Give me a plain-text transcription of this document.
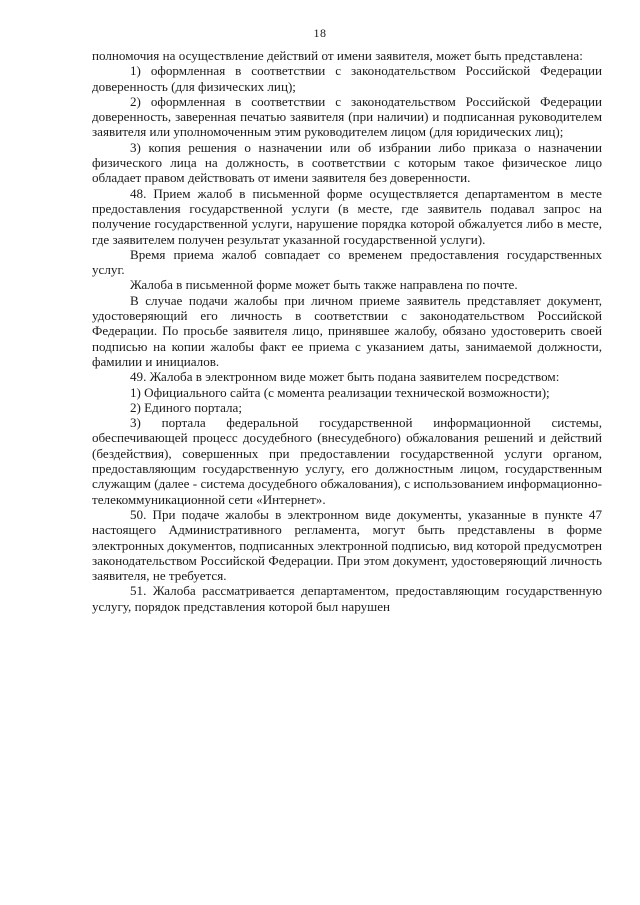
18

полномочия на осуществление действий от имени заявителя, может быть представлена:

1) оформленная в соответствии с законодательством Российской Федерации доверенность (для физических лиц);

2) оформленная в соответствии с законодательством Российской Федерации доверенность, заверенная печатью заявителя (при наличии) и подписанная руководителем заявителя или уполномоченным этим руководителем лицом (для юридических лиц);

3) копия решения о назначении или об избрании либо приказа о назначении физического лица на должность, в соответствии с которым такое физическое лицо обладает правом действовать от имени заявителя без доверенности.

48. Прием жалоб в письменной форме осуществляется департаментом в месте предоставления государственной услуги (в месте, где заявитель подавал запрос на получение государственной услуги, нарушение порядка которой обжалуется либо в месте, где заявителем получен результат указанной государственной услуги).

Время приема жалоб совпадает со временем предоставления государственных услуг.

Жалоба в письменной форме может быть также направлена по почте.

В случае подачи жалобы при личном приеме заявитель представляет документ, удостоверяющий его личность в соответствии с законодательством Российской Федерации. По просьбе заявителя лицо, принявшее жалобу, обязано удостоверить своей подписью на копии жалобы факт ее приема с указанием даты, занимаемой должности, фамилии и инициалов.

49. Жалоба в электронном виде может быть подана заявителем посредством:

1) Официального сайта (с момента реализации технической возможности);

2) Единого портала;

3) портала федеральной государственной информационной системы, обеспечивающей процесс досудебного (внесудебного) обжалования решений и действий (бездействия), совершенных при предоставлении государственной услуги органом, предоставляющим государственную услугу, его должностным лицом, государственным служащим (далее - система досудебного обжалования), с использованием информационно-телекоммуникационной сети «Интернет».

50. При подаче жалобы в электронном виде документы, указанные в пункте 47 настоящего Административного регламента, могут быть представлены в форме электронных документов, подписанных электронной подписью, вид которой предусмотрен законодательством Российской Федерации. При этом документ, удостоверяющий личность заявителя, не требуется.

51. Жалоба рассматривается департаментом, предоставляющим государственную услугу, порядок представления которой был нарушен
